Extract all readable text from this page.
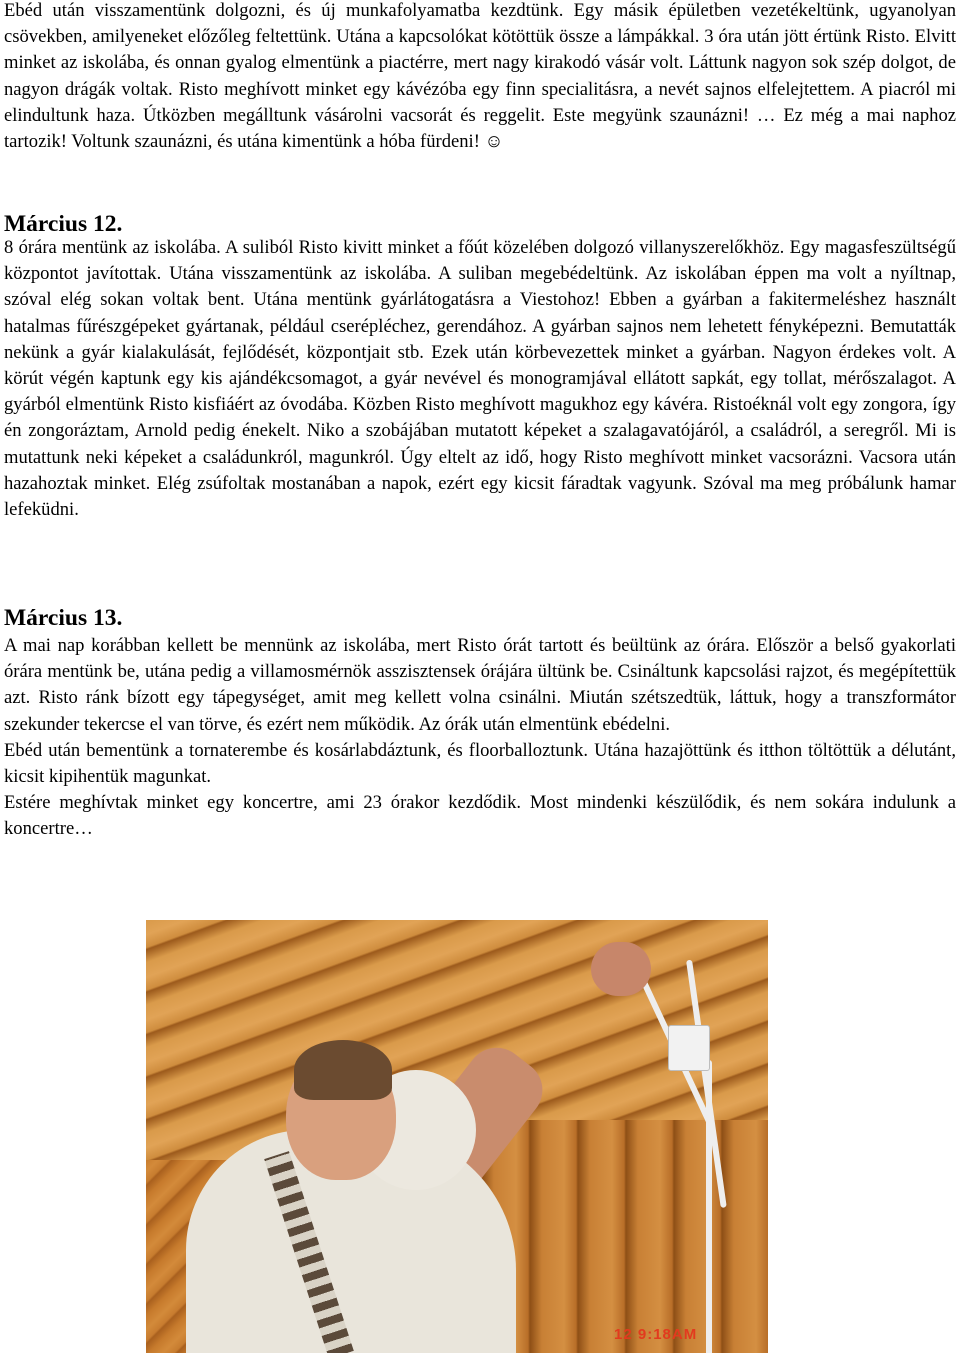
Ebéd után visszamentünk dolgozni, és új munkafolyamatba kezdtünk. Egy másik épületben vezetékeltünk, ugyanolyan csövekben, amilyeneket előzőleg feltettünk. Utána a kapcsolókat kötöttük össze a lámpákkal. 3 óra után jött értünk Risto. Elvitt minket az iskolába, és onnan gyalog elmentünk a piactérre, mert nagy kirakodó vásár volt. Láttunk nagyon sok szép dolgot, de nagyon drágák voltak. Risto meghívott minket egy kávézóba egy finn specialitásra, a nevét sajnos elfelejtettem. A piacról mi elindultunk haza. Útközben megálltunk vásárolni vacsorát és reggelit. Este megyünk szaunázni! … Ez még a mai naphoz tartozik! Voltunk szaunázni, és utána kimentünk a hóba fürdeni! ☺

Március 12.

8 órára mentünk az iskolába. A suliból Risto kivitt minket a főút közelében dolgozó villanyszerelőkhöz. Egy magasfeszültségű központot javítottak. Utána visszamentünk az iskolába. A suliban megebédeltünk. Az iskolában éppen ma volt a nyíltnap, szóval elég sokan voltak bent. Utána mentünk gyárlátogatásra a Viestohoz! Ebben a gyárban a fakitermeléshez használt hatalmas fűrészgépeket gyártanak, például cserépléchez, gerendához. A gyárban sajnos nem lehetett fényképezni. Bemutatták nekünk a gyár kialakulását, fejlődését, központjait stb. Ezek után körbevezettek minket a gyárban. Nagyon érdekes volt. A körút végén kaptunk egy kis ajándékcsomagot, a gyár nevével és monogramjával ellátott sapkát, egy tollat, mérőszalagot. A gyárból elmentünk Risto kisfiáért az óvodába. Közben Risto meghívott magukhoz egy kávéra. Ristoéknál volt egy zongora, így én zongoráztam, Arnold pedig énekelt. Niko a szobájában mutatott képeket a szalagavatójáról, a családról, a seregről. Mi is mutattunk neki képeket a családunkról, magunkról. Úgy eltelt az idő, hogy Risto meghívott minket vacsorázni. Vacsora után hazahoztak minket. Elég zsúfoltak mostanában a napok, ezért egy kicsit fáradtak vagyunk. Szóval ma meg próbálunk hamar lefeküdni.

Március 13.

A mai nap korábban kellett be mennünk az iskolába, mert Risto órát tartott és beültünk az órára. Először a belső gyakorlati órára mentünk be, utána pedig a villamosmérnök asszisztensek órájára ültünk be. Csináltunk kapcsolási rajzot, és megépítettük azt. Risto ránk bízott egy tápegységet, amit meg kellett volna csinálni. Miután szétszedtük, láttuk, hogy a transzformátor szekunder tekercse el van törve, és ezért nem működik. Az órák után elmentünk ebédelni.

Ebéd után bementünk a tornaterembe és kosárlabdáztunk, és floorballoztunk. Utána hazajöttünk és itthon töltöttük a délutánt, kicsit kipihentük magunkat.

Estére meghívtak minket egy koncertre, ami 23 órakor kezdődik. Most mindenki készülődik, és nem sokára indulunk a koncertre…

12 9:18AM
